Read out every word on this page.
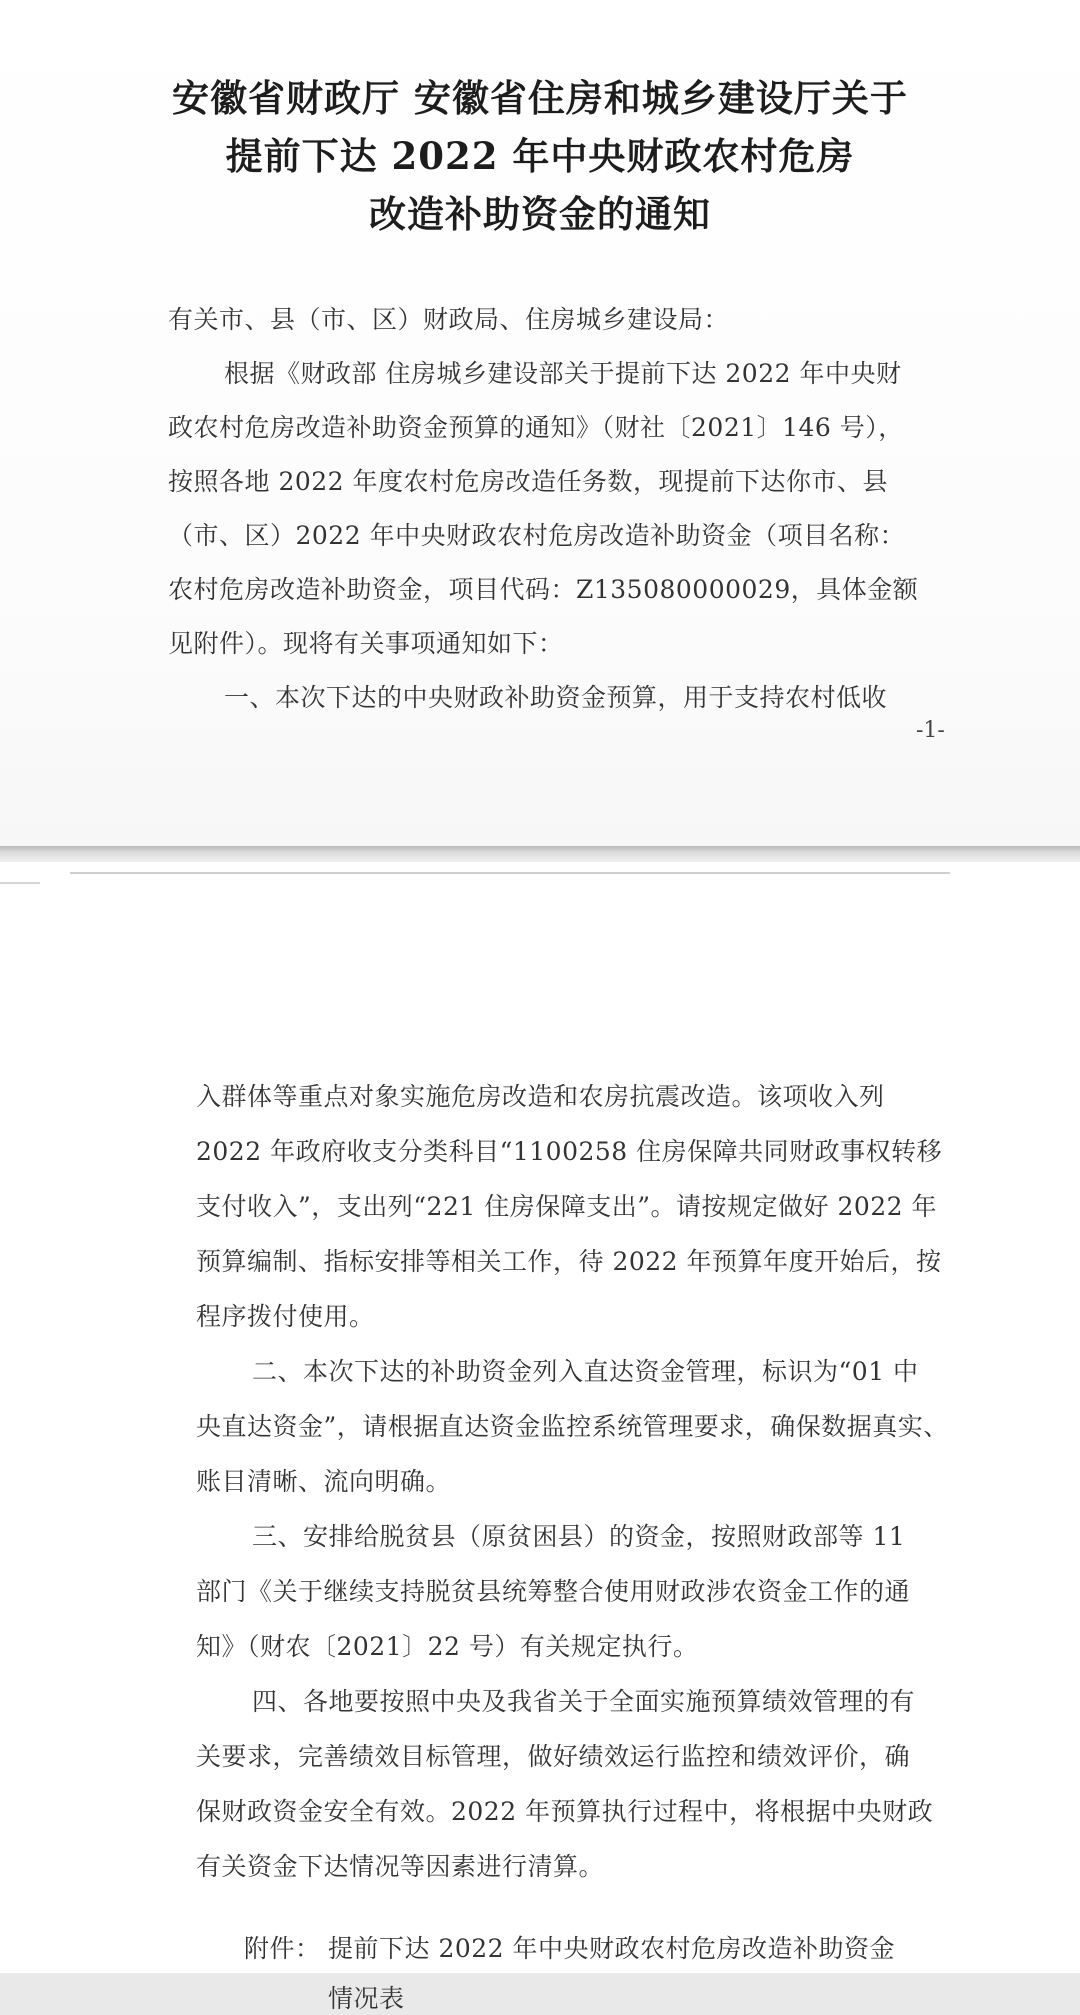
安徽省财政厅 安徽省住房和城乡建设厅关于
提前下达 2022 年中央财政农村危房
改造补助资金的通知
有关市、县（市、区）财政局、住房城乡建设局：
根据《财政部 住房城乡建设部关于提前下达 2022 年中央财
政农村危房改造补助资金预算的通知》（财社〔2021〕146 号），
按照各地 2022 年度农村危房改造任务数，现提前下达你市、县
（市、区）2022 年中央财政农村危房改造补助资金（项目名称：
农村危房改造补助资金，项目代码：Z135080000029，具体金额
见附件）。现将有关事项通知如下：
一、本次下达的中央财政补助资金预算，用于支持农村低收
-1-
入群体等重点对象实施危房改造和农房抗震改造。该项收入列
2022 年政府收支分类科目“1100258 住房保障共同财政事权转移
支付收入”，支出列“221 住房保障支出”。请按规定做好 2022 年
预算编制、指标安排等相关工作，待 2022 年预算年度开始后，按
程序拨付使用。
二、本次下达的补助资金列入直达资金管理，标识为“01 中
央直达资金”，请根据直达资金监控系统管理要求，确保数据真实、
账目清晰、流向明确。
三、安排给脱贫县（原贫困县）的资金，按照财政部等 11
部门《关于继续支持脱贫县统筹整合使用财政涉农资金工作的通
知》（财农〔2021〕22 号）有关规定执行。
四、各地要按照中央及我省关于全面实施预算绩效管理的有
关要求，完善绩效目标管理，做好绩效运行监控和绩效评价，确
保财政资金安全有效。2022 年预算执行过程中，将根据中央财政
有关资金下达情况等因素进行清算。
附件： 提前下达 2022 年中央财政农村危房改造补助资金
情况表
